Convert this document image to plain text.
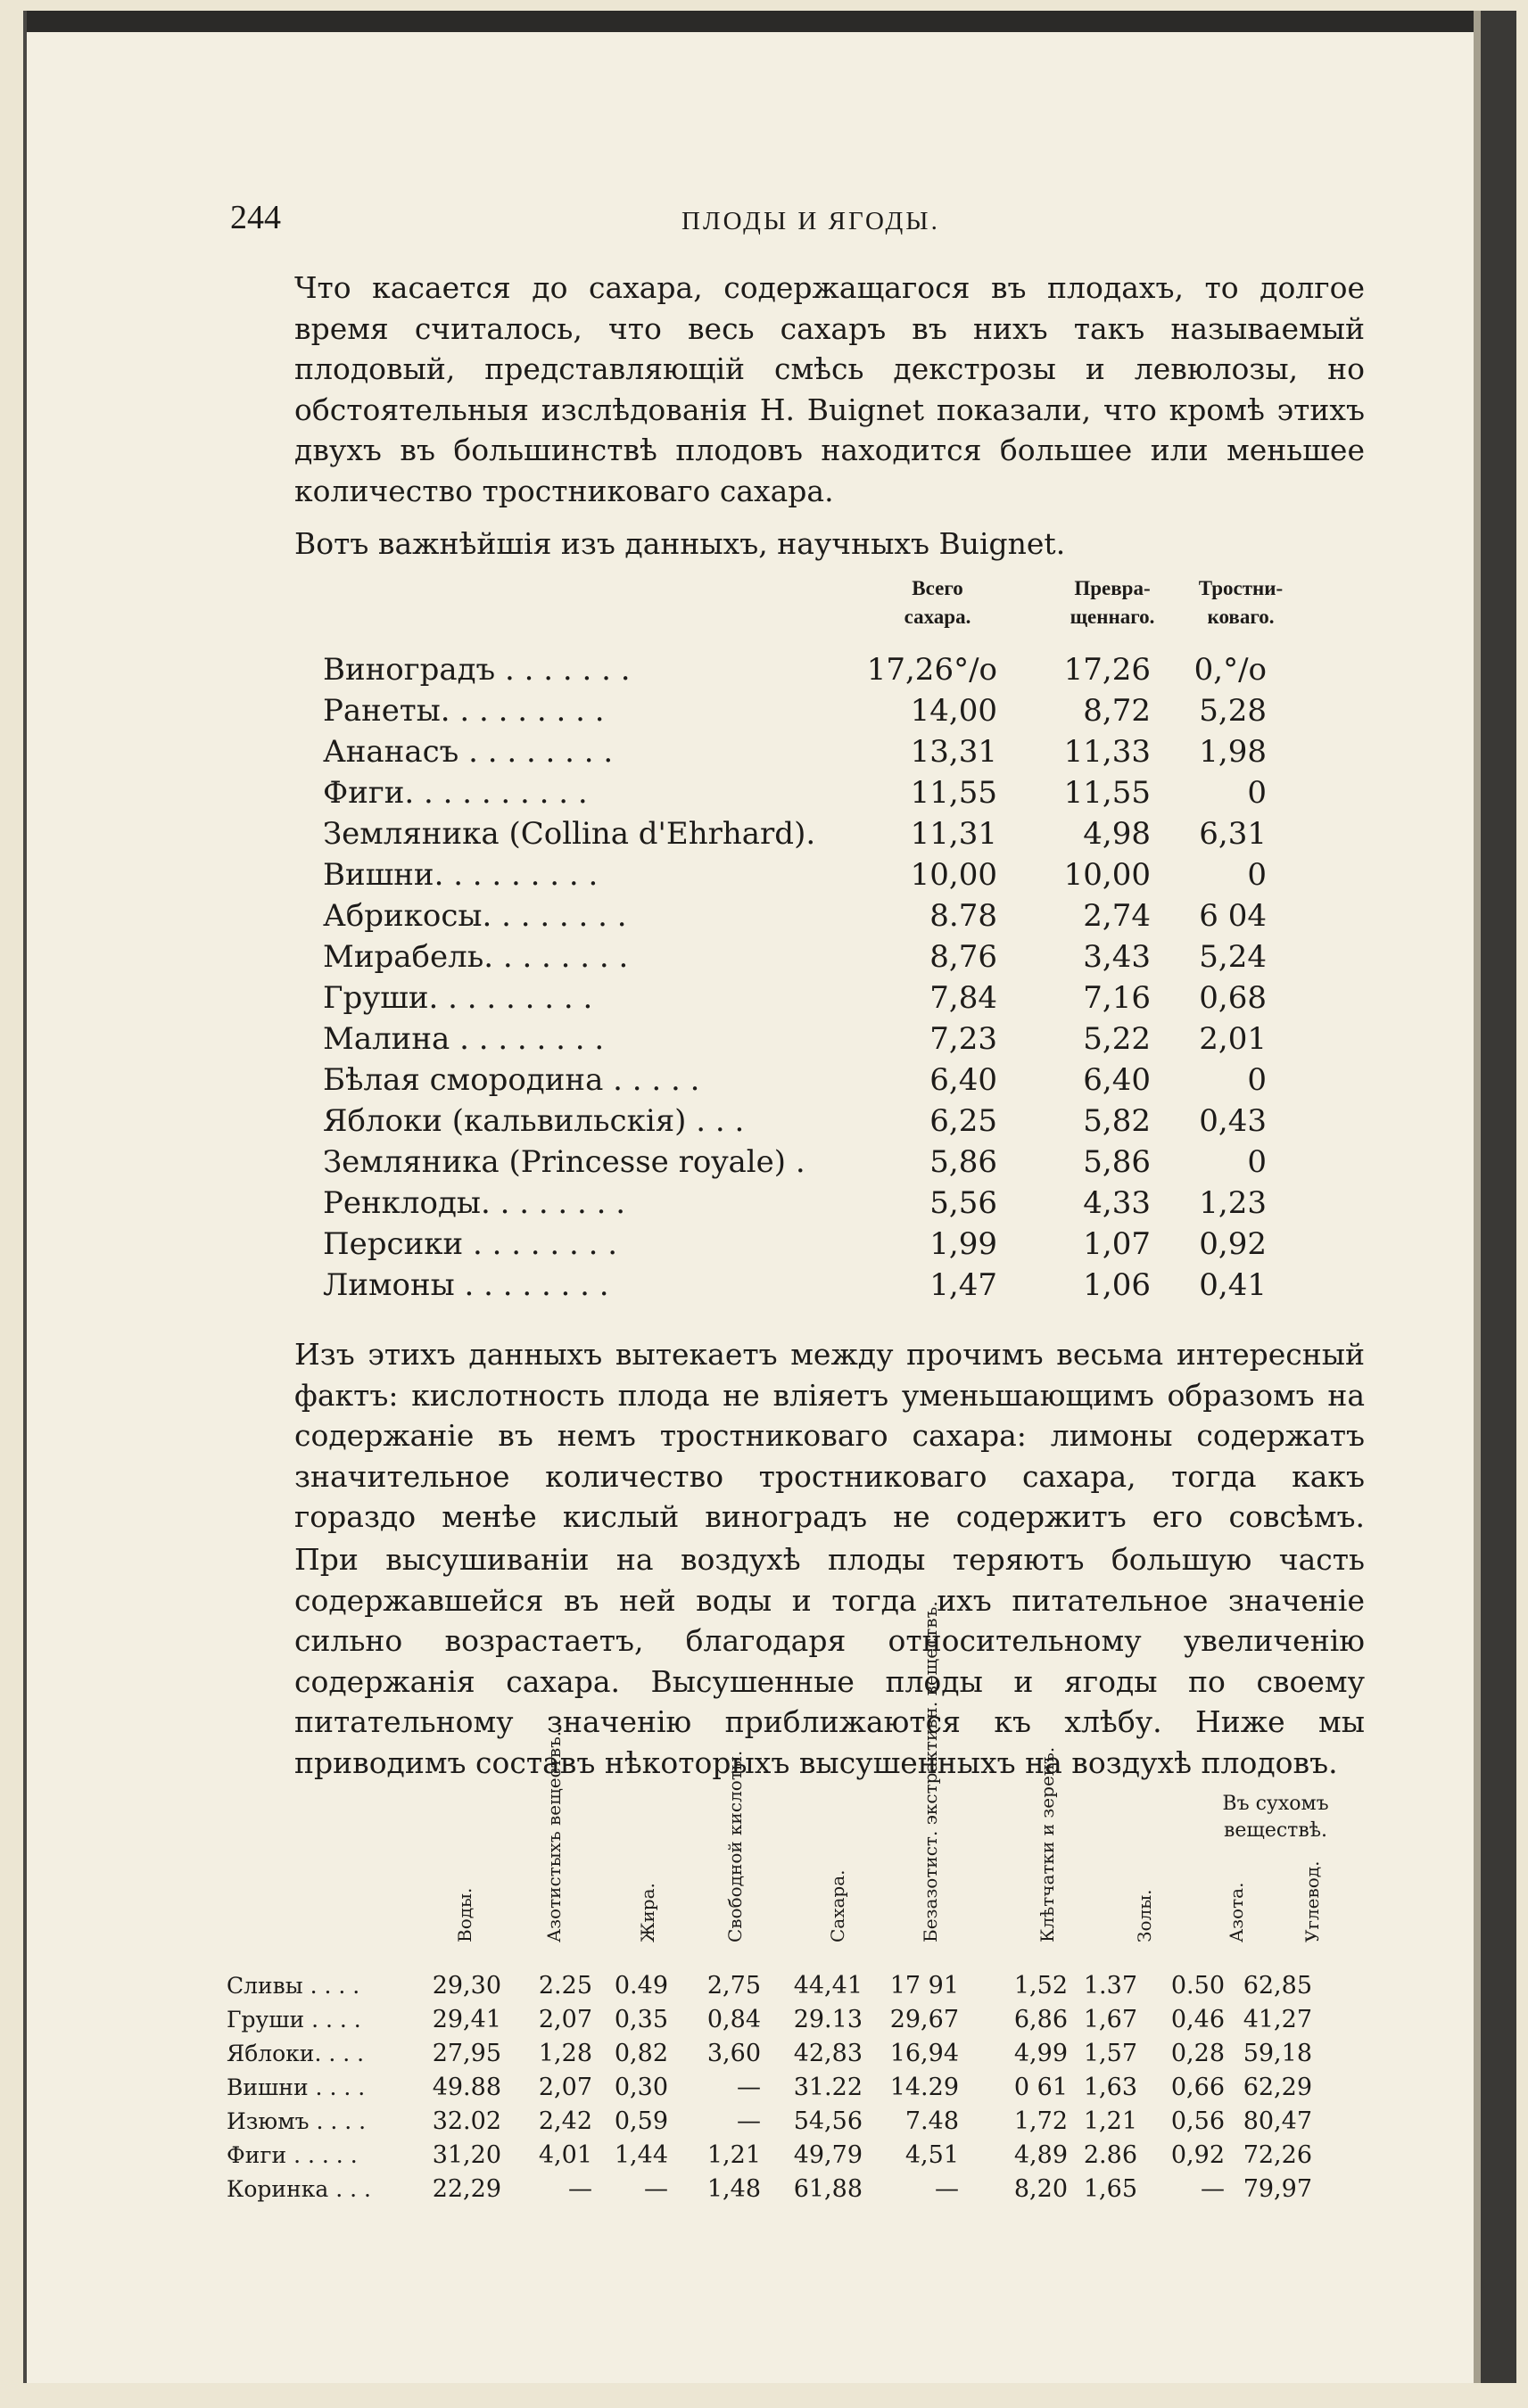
244	ПЛОДЫ И ЯГОДЫ.
Что касается до сахара, содержащагося въ плодахъ, то долгое время считалось, что весь сахаръ въ нихъ такъ называемый плодовый, представляющій смѣсь декстрозы и левюлозы, но обстоятельныя изслѣдованія Н. Buignet показали, что кромѣ этихъ двухъ въ большинствѣ плодовъ находится большее или меньшее количество тростниковаго сахара.
Вотъ важнѣйшія изъ данныхъ, научныхъ Buignet.
Всего сахара.
Превра- щеннаго.
Тростни- коваго.
Виноградъ . . . . . . .	17,26°/o	17,26	0,°/o
Ранеты. . . . . . . . .	14,00	8,72	5,28
Ананасъ . . . . . . . .	13,31	11,33	1,98
Фиги. . . . . . . . . .	11,55	11,55	0
Земляника (Collina d'Ehrhard).	11,31	4,98	6,31
Вишни. . . . . . . . .	10,00	10,00	0
Абрикосы. . . . . . . .	8.78	2,74	6 04
Мирабель. . . . . . . .	8,76	3,43	5,24
Груши. . . . . . . . .	7,84	7,16	0,68
Малина . . . . . . . .	7,23	5,22	2,01
Бѣлая смородина . . . . .	6,40	6,40	0
Яблоки (кальвильскія) . . .	6,25	5,82	0,43
Земляника (Princesse royale) .	5,86	5,86	0
Ренклоды. . . . . . . .	5,56	4,33	1,23
Персики . . . . . . . .	1,99	1,07	0,92
Лимоны . . . . . . . .	1,47	1,06	0,41
Изъ этихъ данныхъ вытекаетъ между прочимъ весьма интересный фактъ: кислотность плода не вліяетъ уменьшающимъ образомъ на содержаніе въ немъ тростниковаго сахара: лимоны содержатъ значительное количество тростниковаго сахара, тогда какъ гораздо менѣе кислый виноградъ не содержитъ его совсѣмъ.
При высушиваніи на воздухѣ плоды теряютъ большую часть содержавшейся въ ней воды и тогда ихъ питательное значеніе сильно возрастаетъ, благодаря относительному увеличенію содержанія сахара. Высушенные плоды и ягоды по своему питательному значенію приближаются къ хлѣбу. Ниже мы приводимъ составъ нѣкоторыхъ высушенныхъ на воздухѣ плодовъ.
Въ сухомъ веществѣ.
Воды.	Азотистыхъ веществъ.	Жира.	Свободной кислоты.	Сахара.	Безазотист. экстрактивн. веществъ.	Клѣтчатки и зеренъ.	Золы.	Азота.	Углевод.
Сливы . . . .	29,30	2.25	0.49	2,75	44,41	17 91	1,52	1.37	0.50	62,85
Груши . . . .	29,41	2,07	0,35	0,84	29.13	29,67	6,86	1,67	0,46	41,27
Яблоки. . . .	27,95	1,28	0,82	3,60	42,83	16,94	4,99	1,57	0,28	59,18
Вишни . . . .	49.88	2,07	0,30	—	31.22	14.29	0 61	1,63	0,66	62,29
Изюмъ . . . .	32.02	2,42	0,59	—	54,56	7.48	1,72	1,21	0,56	80,47
Фиги . . . . .	31,20	4,01	1,44	1,21	49,79	4,51	4,89	2.86	0,92	72,26
Коринка . . .	22,29	—	—	1,48	61,88	—	8,20	1,65	—	79,97
